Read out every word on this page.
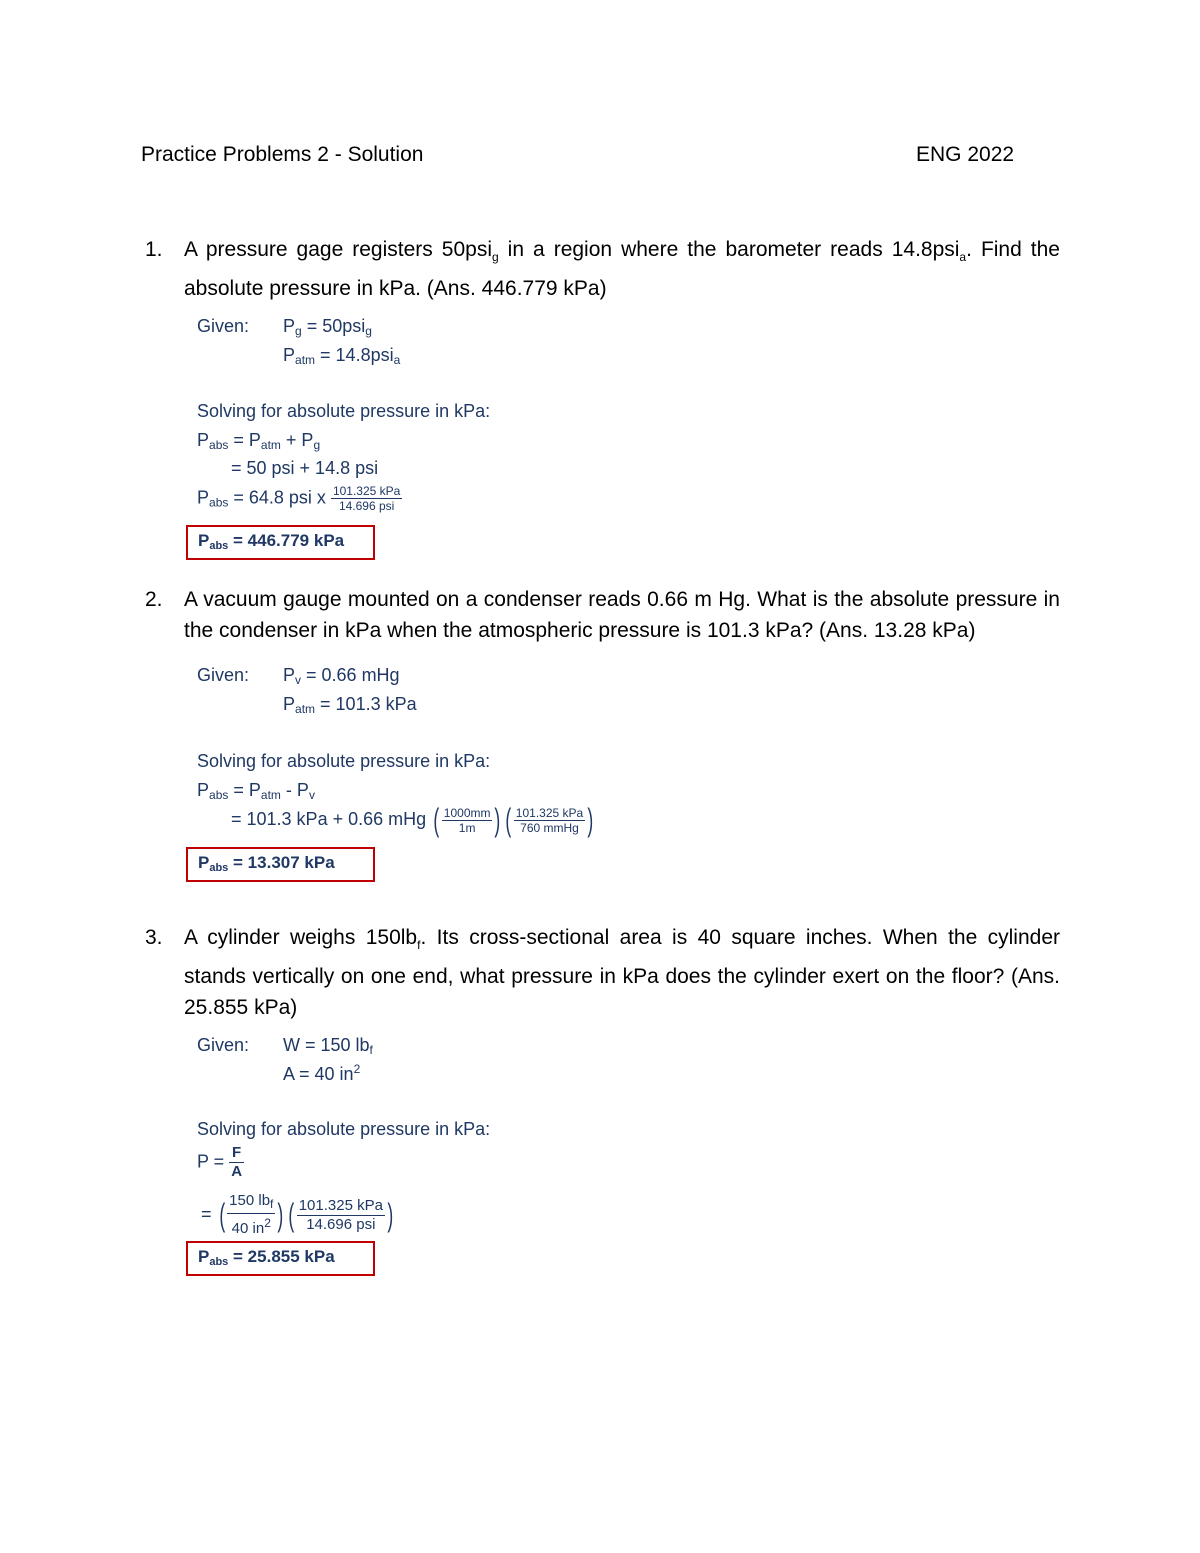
Practice Problems 2 - Solution	ENG 2022
1. A pressure gage registers 50psi$_g$ in a region where the barometer reads 14.8psi$_a$. Find the absolute pressure in kPa. (Ans. 446.779 kPa)
Given: $P_g = 50psi_g$
$P_{atm} = 14.8psi_a$
Solving for absolute pressure in kPa:
$P_{abs} = P_{atm} + P_g$
= 50 psi + 14.8 psi
$P_{abs} = 64.8$ psi x $\frac{\text{101.325 kPa}}{\text{14.696 psi}}$
$P_{abs} = 446.779$ kPa
2. A vacuum gauge mounted on a condenser reads 0.66 m Hg. What is the absolute pressure in the condenser in kPa when the atmospheric pressure is 101.3 kPa? (Ans. 13.28 kPa)
Given: $P_v = 0.66$ mHg
$P_{atm} = 101.3$ kPa
Solving for absolute pressure in kPa:
$P_{abs} = P_{atm} - P_v$
= 101.3 kPa + 0.66 mHg ( $\frac{1000mm}{1m}$ ) ( $\frac{\text{101.325 kPa}}{\text{760 mmHg}}$ )
$P_{abs} = 13.307$ kPa
3. A cylinder weighs $150lb_f$. Its cross-sectional area is 40 square inches. When the cylinder stands vertically on one end, what pressure in kPa does the cylinder exert on the floor? (Ans. 25.855 kPa)
Given: W = 150 $lb_f$
A = 40 $in^2$
Solving for absolute pressure in kPa:
$P = \frac{F}{A}$
= ( $\frac{150 lb_f}{40 in^2}$ ) ( $\frac{\text{101.325 kPa}}{\text{14.696 psi}}$ )
$P_{abs} = 25.855$ kPa
